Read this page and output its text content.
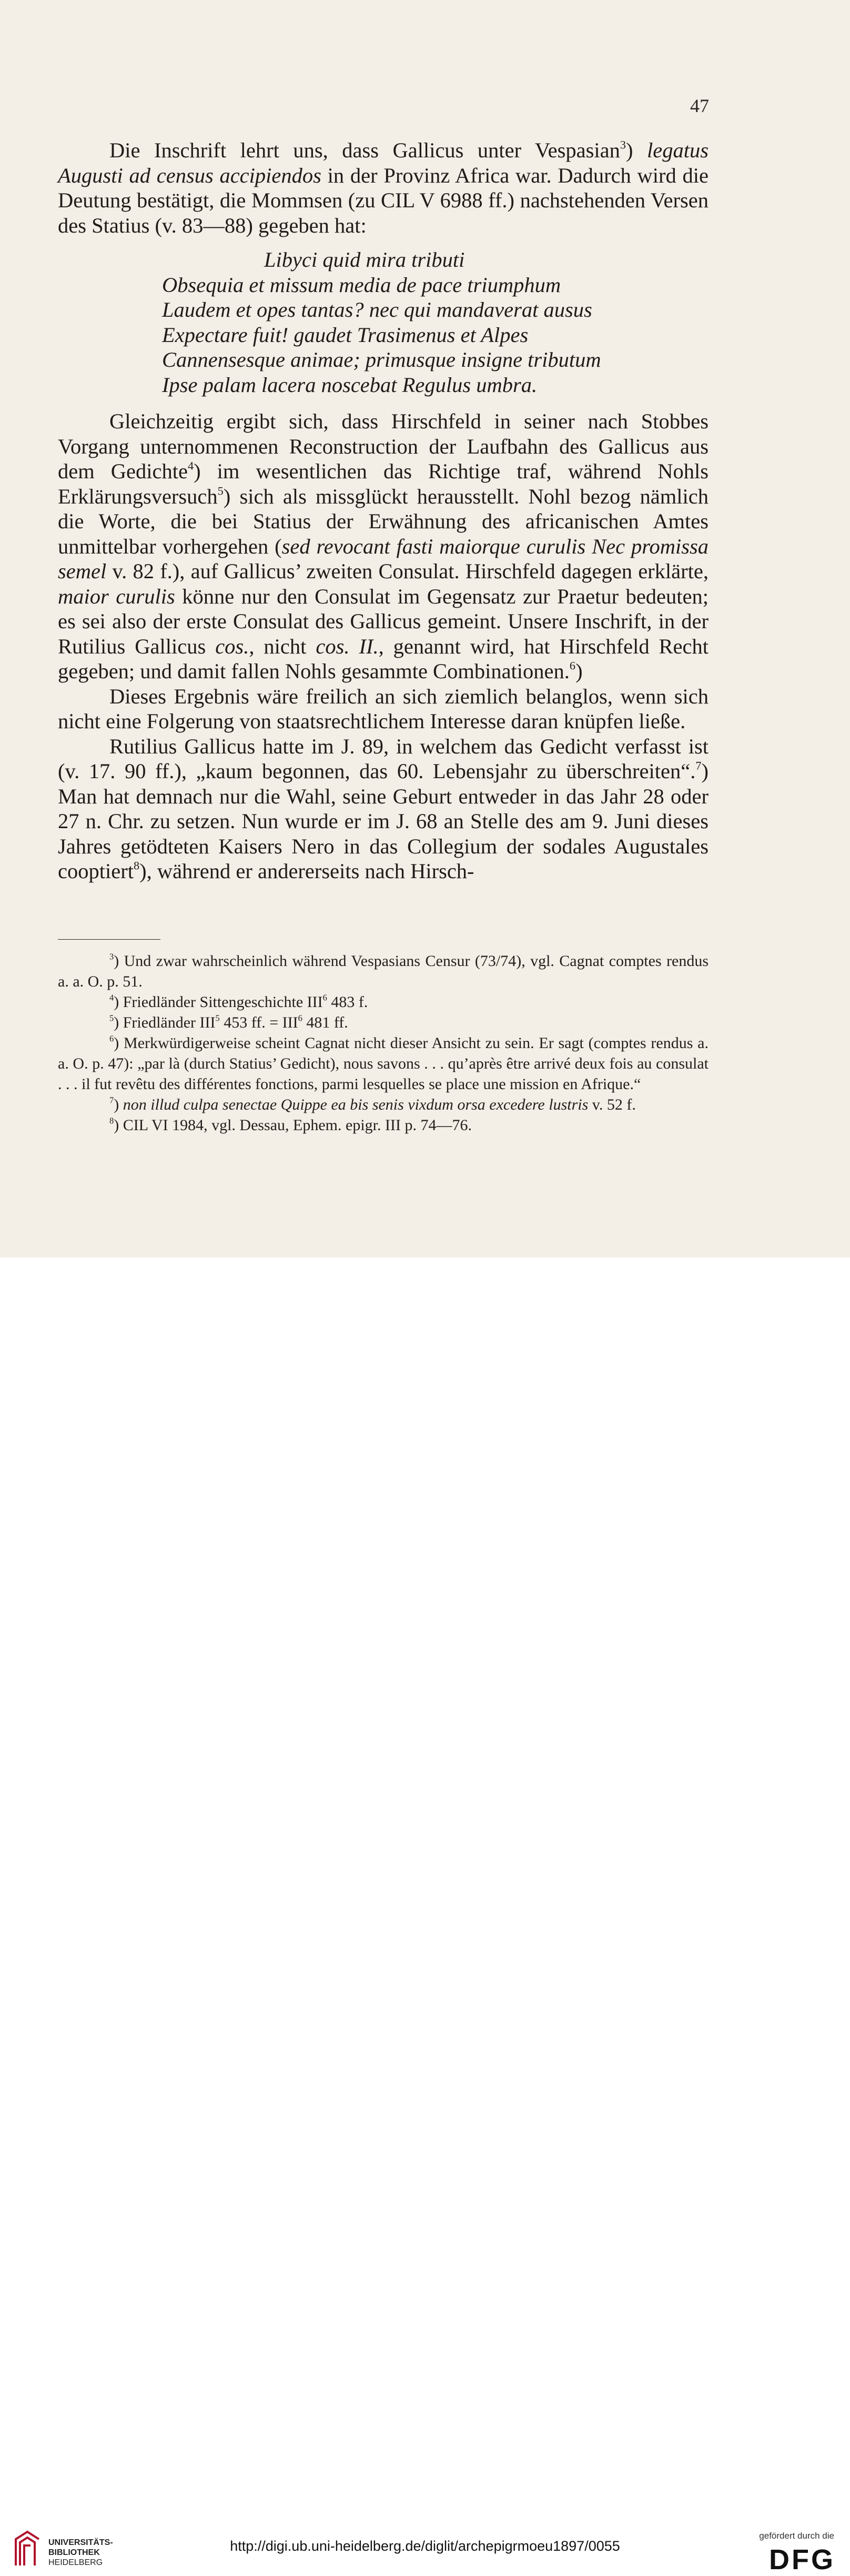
47

Die Inschrift lehrt uns, dass Gallicus unter Vespasian$^3$) legatus Augusti ad census accipiendos in der Provinz Africa war. Dadurch wird die Deutung bestätigt, die Mommsen (zu CIL V 6988 ff.) nachstehenden Versen des Statius (v. 83—88) gegeben hat:

Libyci quid mira tributi
Obsequia et missum media de pace triumphum
Laudem et opes tantas? nec qui mandaverat ausus
Expectare fuit! gaudet Trasimenus et Alpes
Cannensesque animae; primusque insigne tributum
Ipse palam lacera noscebat Regulus umbra.

Gleichzeitig ergibt sich, dass Hirschfeld in seiner nach Stobbes Vorgang unternommenen Reconstruction der Laufbahn des Gallicus aus dem Gedichte$^4$) im wesentlichen das Richtige traf, während Nohls Erklärungsversuch$^5$) sich als missglückt herausstellt. Nohl bezog nämlich die Worte, die bei Statius der Erwähnung des africanischen Amtes unmittelbar vorhergehen (sed revocant fasti maiorque curulis Nec promissa semel v. 82 f.), auf Gallicus’ zweiten Consulat. Hirschfeld dagegen erklärte, maior curulis könne nur den Consulat im Gegensatz zur Praetur bedeuten; es sei also der erste Consulat des Gallicus gemeint. Unsere Inschrift, in der Rutilius Gallicus cos., nicht cos. II., genannt wird, hat Hirschfeld Recht gegeben; und damit fallen Nohls gesammte Combinationen.$^6$)

Dieses Ergebnis wäre freilich an sich ziemlich belanglos, wenn sich nicht eine Folgerung von staatsrechtlichem Interesse daran knüpfen ließe.

Rutilius Gallicus hatte im J. 89, in welchem das Gedicht verfasst ist (v. 17. 90 ff.), „kaum begonnen, das 60. Lebensjahr zu überschreiten“.$^7$) Man hat demnach nur die Wahl, seine Geburt entweder in das Jahr 28 oder 27 n. Chr. zu setzen. Nun wurde er im J. 68 an Stelle des am 9. Juni dieses Jahres getödteten Kaisers Nero in das Collegium der sodales Augustales cooptiert$^8$), während er andererseits nach Hirsch-

$^3$) Und zwar wahrscheinlich während Vespasians Censur (73/74), vgl. Cagnat comptes rendus a. a. O. p. 51.

$^4$) Friedländer Sittengeschichte III$^6$ 483 f.

$^5$) Friedländer III$^5$ 453 ff. = $III^6$ 481 ff.

$^6$) Merkwürdigerweise scheint Cagnat nicht dieser Ansicht zu sein. Er sagt (comptes rendus a. a. O. p. 47): „par là (durch Statius’ Gedicht), nous savons . . . qu’après être arrivé deux fois au consulat . . . il fut revêtu des différentes fonctions, parmi lesquelles se place une mission en Afrique.“

$^7$) non illud culpa senectae Quippe ea bis senis vixdum orsa excedere lustris v. 52 f.

$^8$) CIL VI 1984, vgl. Dessau, Ephem. epigr. III p. 74—76.

UNIVERSITÄTS-
BIBLIOTHEK
HEIDELBERG
http://digi.ub.uni-heidelberg.de/diglit/archepigrmoeu1897/0055
gefördert durch die
DFG
